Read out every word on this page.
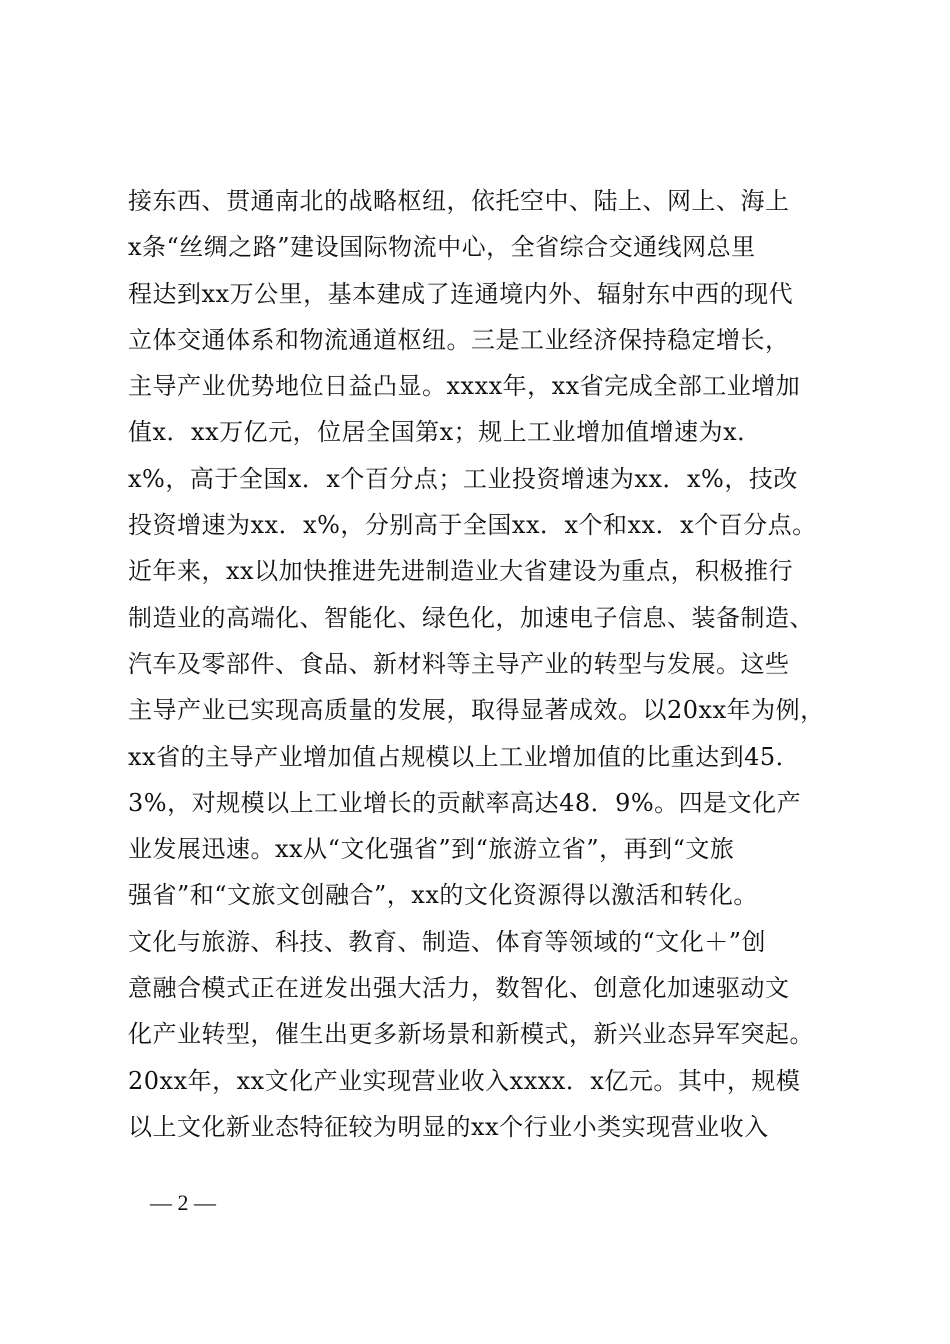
接东西、贯通南北的战略枢纽，依托空中、陆上、网上、海上
x条“丝绸之路”建设国际物流中心，全省综合交通线网总里
程达到xx万公里，基本建成了连通境内外、辐射东中西的现代
立体交通体系和物流通道枢纽。三是工业经济保持稳定增长，
主导产业优势地位日益凸显。xxxx年，xx省完成全部工业增加
值x．xx万亿元，位居全国第x；规上工业增加值增速为x．
x%，高于全国x．x个百分点；工业投资增速为xx．x%，技改
投资增速为xx．x%，分别高于全国xx．x个和xx．x个百分点。
近年来，xx以加快推进先进制造业大省建设为重点，积极推行
制造业的高端化、智能化、绿色化，加速电子信息、装备制造、
汽车及零部件、食品、新材料等主导产业的转型与发展。这些
主导产业已实现高质量的发展，取得显著成效。以20xx年为例，
xx省的主导产业增加值占规模以上工业增加值的比重达到45．
3%，对规模以上工业增长的贡献率高达48．9%。四是文化产
业发展迅速。xx从“文化强省”到“旅游立省”，再到“文旅
强省”和“文旅文创融合”，xx的文化资源得以激活和转化。
文化与旅游、科技、教育、制造、体育等领域的“文化＋”创
意融合模式正在迸发出强大活力，数智化、创意化加速驱动文
化产业转型，催生出更多新场景和新模式，新兴业态异军突起。
20xx年，xx文化产业实现营业收入xxxx．x亿元。其中，规模
以上文化新业态特征较为明显的xx个行业小类实现营业收入
— 2 —
